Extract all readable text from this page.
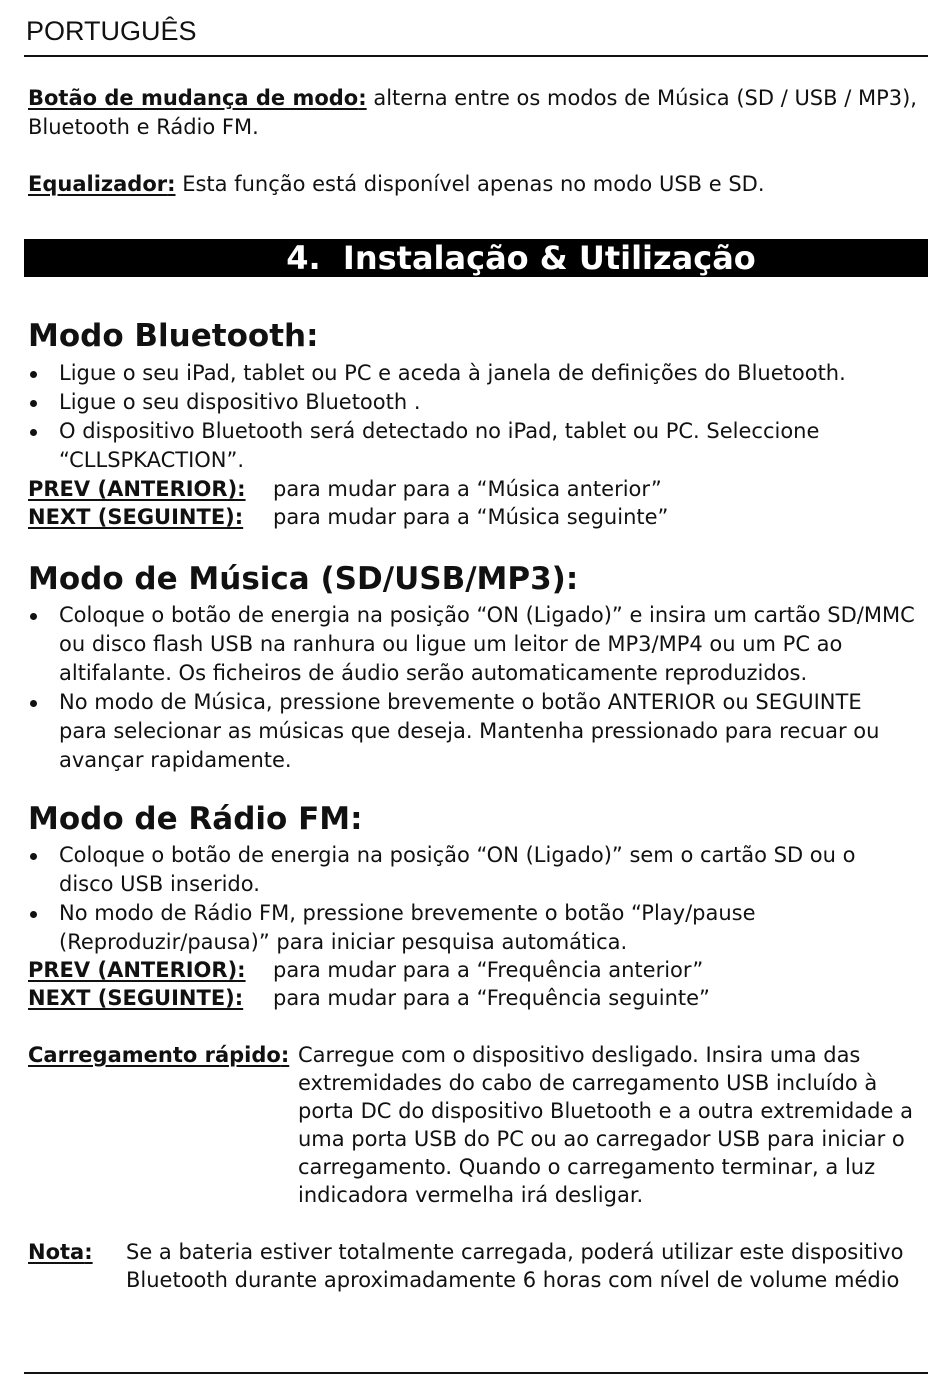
PORTUGUÊS
Botão de mudança de modo: alterna entre os modos de Música (SD / USB / MP3), Bluetooth e Rádio FM.
Equalizador: Esta função está disponível apenas no modo USB e SD.
4.  Instalação & Utilização
Modo Bluetooth:
Ligue o seu iPad, tablet ou PC e aceda à janela de definições do Bluetooth.
Ligue o seu dispositivo Bluetooth .
O dispositivo Bluetooth será detectado no iPad, tablet ou PC. Seleccione “CLLSPKACTION”.
PREV (ANTERIOR): para mudar para a “Música anterior”
NEXT (SEGUINTE): para mudar para a “Música seguinte”
Modo de Música (SD/USB/MP3):
Coloque o botão de energia na posição “ON (Ligado)” e insira um cartão SD/MMC ou disco flash USB na ranhura ou ligue um leitor de MP3/MP4 ou um PC ao altifalante. Os ficheiros de áudio serão automaticamente reproduzidos.
No modo de Música, pressione brevemente o botão ANTERIOR ou SEGUINTE para selecionar as músicas que deseja. Mantenha pressionado para recuar ou avançar rapidamente.
Modo de Rádio FM:
Coloque o botão de energia na posição “ON (Ligado)” sem o cartão SD ou o disco USB inserido.
No modo de Rádio FM, pressione brevemente o botão “Play/pause (Reproduzir/pausa)” para iniciar pesquisa automática.
PREV (ANTERIOR): para mudar para a “Frequência anterior”
NEXT (SEGUINTE): para mudar para a “Frequência seguinte”
Carregamento rápido: Carregue com o dispositivo desligado. Insira uma das extremidades do cabo de carregamento USB incluído à porta DC do dispositivo Bluetooth e a outra extremidade a uma porta USB do PC ou ao carregador USB para iniciar o carregamento. Quando o carregamento terminar, a luz indicadora vermelha irá desligar.
Nota: Se a bateria estiver totalmente carregada, poderá utilizar este dispositivo Bluetooth durante aproximadamente 6 horas com nível de volume médio
